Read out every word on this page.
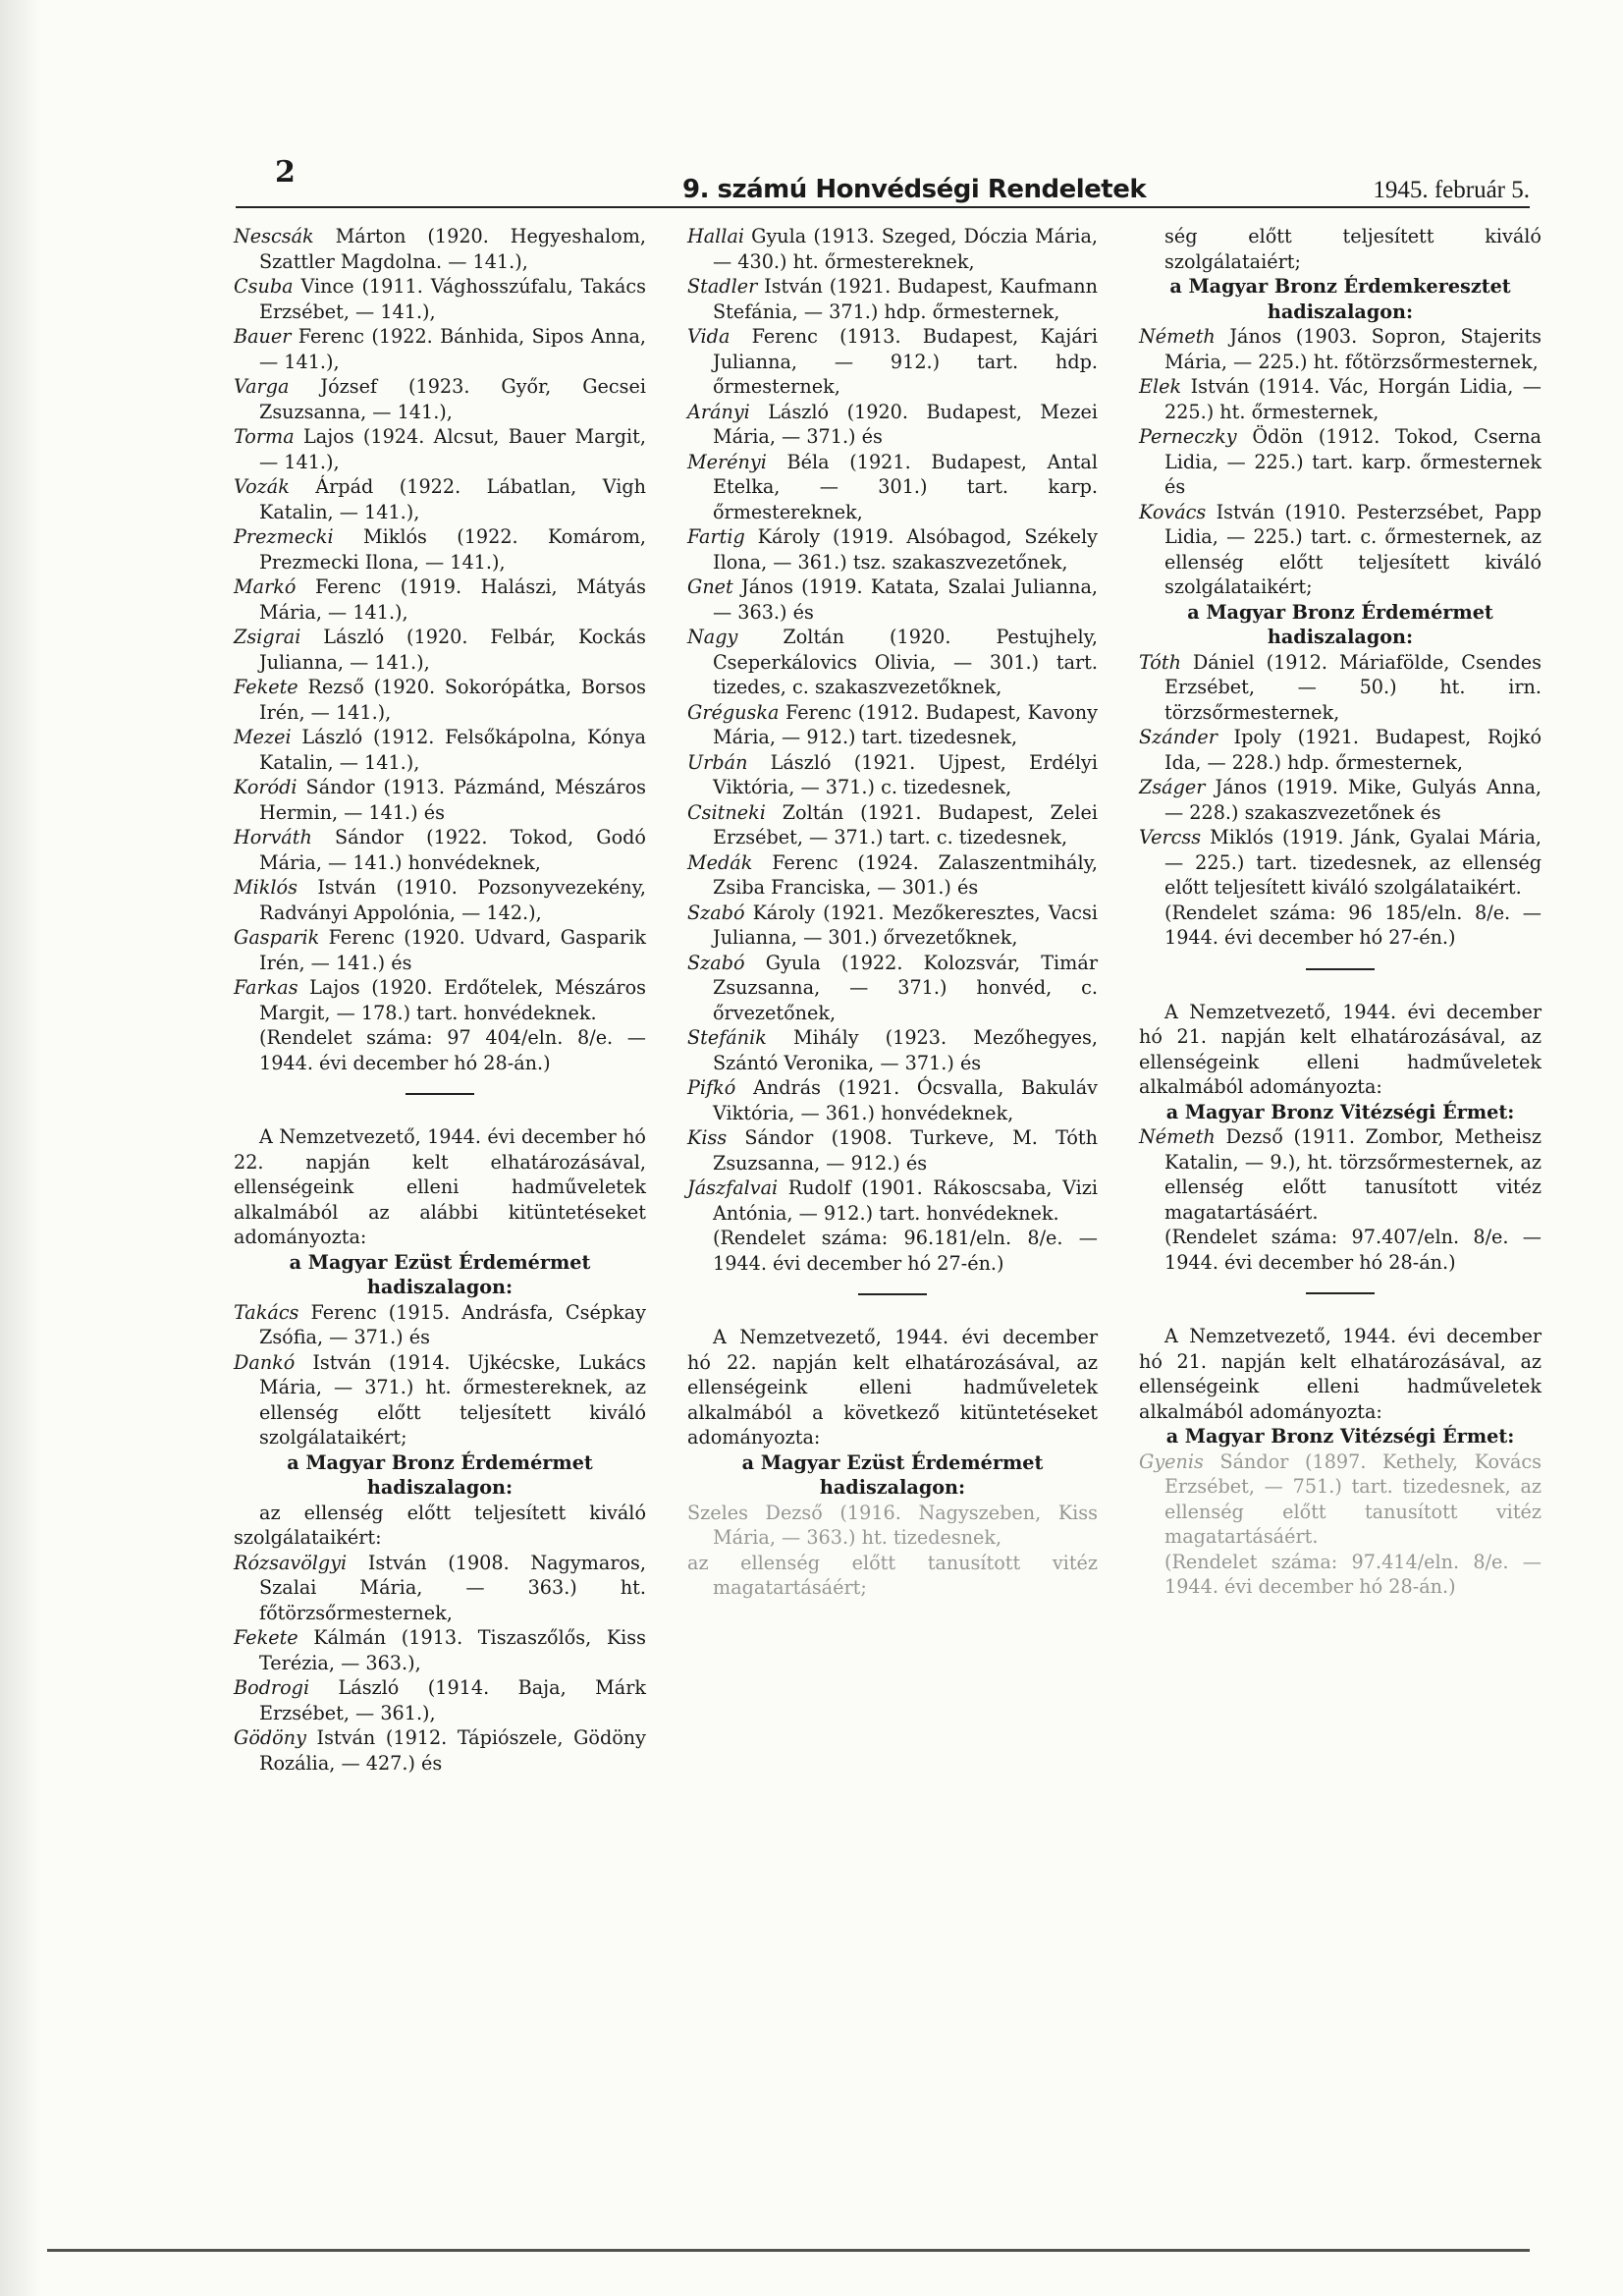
2	9. számú Honvédségi Rendeletek	1945. február 5.

Nescsák Márton (1920. Hegyeshalom, Szattler Magdolna. — 141.),

Csuba Vince (1911. Vághosszúfalu, Takács Erzsébet, — 141.),

Bauer Ferenc (1922. Bánhida, Sipos Anna, — 141.),

Varga József (1923. Győr, Gecsei Zsuzsanna, — 141.),

Torma Lajos (1924. Alcsut, Bauer Margit, — 141.),

Vozák Árpád (1922. Lábatlan, Vigh Katalin, — 141.),

Prezmecki Miklós (1922. Komárom, Prezmecki Ilona, — 141.),

Markó Ferenc (1919. Halászi, Mátyás Mária, — 141.),

Zsigrai László (1920. Felbár, Kockás Julianna, — 141.),

Fekete Rezső (1920. Sokorópátka, Borsos Irén, — 141.),

Mezei László (1912. Felsőkápolna, Kónya Katalin, — 141.),

Koródi Sándor (1913. Pázmánd, Mészáros Hermin, — 141.) és

Horváth Sándor (1922. Tokod, Godó Mária, — 141.) honvédeknek,

Miklós István (1910. Pozsonyvezekény, Radványi Appolónia, — 142.),

Gasparik Ferenc (1920. Udvard, Gasparik Irén, — 141.) és

Farkas Lajos (1920. Erdőtelek, Mészáros Margit, — 178.) tart. honvédeknek.

(Rendelet száma: 97 404/eln. 8/e. — 1944. évi december hó 28-án.)

A Nemzetvezető, 1944. évi december hó 22. napján kelt elhatározásával, ellenségeink elleni hadműveletek alkalmából az alábbi kitüntetéseket adományozta:

a Magyar Ezüst Érdemérmet

hadiszalagon:

Takács Ferenc (1915. Andrásfa, Csépkay Zsófia, — 371.) és

Dankó István (1914. Ujkécske, Lukács Mária, — 371.) ht. őrmestereknek, az ellenség előtt teljesített kiváló szolgálataikért;

a Magyar Bronz Érdemérmet

hadiszalagon:

az ellenség előtt teljesített kiváló szolgálataikért:

Rózsavölgyi István (1908. Nagymaros, Szalai Mária, — 363.) ht. főtörzsőrmesternek,

Fekete Kálmán (1913. Tiszaszőlős, Kiss Terézia, — 363.),

Bodrogi László (1914. Baja, Márk Erzsébet, — 361.),

Gödöny István (1912. Tápiószele, Gödöny Rozália, — 427.) és

Hallai Gyula (1913. Szeged, Dóczia Mária, — 430.) ht. őrmestereknek,

Stadler István (1921. Budapest, Kaufmann Stefánia, — 371.) hdp. őrmesternek,

Vida Ferenc (1913. Budapest, Kajári Julianna, — 912.) tart. hdp. őrmesternek,

Arányi László (1920. Budapest, Mezei Mária, — 371.) és

Merényi Béla (1921. Budapest, Antal Etelka, — 301.) tart. karp. őrmestereknek,

Fartig Károly (1919. Alsóbagod, Székely Ilona, — 361.) tsz. szakaszvezetőnek,

Gnet János (1919. Katata, Szalai Julianna, — 363.) és

Nagy Zoltán (1920. Pestujhely, Cseperkálovics Olivia, — 301.) tart. tizedes, c. szakaszvezetőknek,

Gréguska Ferenc (1912. Budapest, Kavony Mária, — 912.) tart. tizedesnek,

Urbán László (1921. Ujpest, Erdélyi Viktória, — 371.) c. tizedesnek,

Csitneki Zoltán (1921. Budapest, Zelei Erzsébet, — 371.) tart. c. tizedesnek,

Medák Ferenc (1924. Zalaszentmihály, Zsiba Franciska, — 301.) és

Szabó Károly (1921. Mezőkeresztes, Vacsi Julianna, — 301.) őrvezetőknek,

Szabó Gyula (1922. Kolozsvár, Timár Zsuzsanna, — 371.) honvéd, c. őrvezetőnek,

Stefánik Mihály (1923. Mezőhegyes, Szántó Veronika, — 371.) és

Pifkó András (1921. Ócsvalla, Bakuláv Viktória, — 361.) honvédeknek,

Kiss Sándor (1908. Turkeve, M. Tóth Zsuzsanna, — 912.) és

Jászfalvai Rudolf (1901. Rákoscsaba, Vizi Antónia, — 912.) tart. honvédeknek.

(Rendelet száma: 96.181/eln. 8/e. — 1944. évi december hó 27-én.)

A Nemzetvezető, 1944. évi december hó 22. napján kelt elhatározásával, az ellenségeink elleni hadműveletek alkalmából a következő kitüntetéseket adományozta:

a Magyar Ezüst Érdemérmet

hadiszalagon:

Szeles Dezső (1916. Nagyszeben, Kiss Mária, — 363.) ht. tizedesnek,

az ellenség előtt tanusított vitéz magatartásáért;

ség előtt teljesített kiváló szolgálataiért;

a Magyar Bronz Érdemkeresztet

hadiszalagon:

Németh János (1903. Sopron, Stajerits Mária, — 225.) ht. főtörzsőrmesternek,

Elek István (1914. Vác, Horgán Lidia, — 225.) ht. őrmesternek,

Perneczky Ödön (1912. Tokod, Cserna Lidia, — 225.) tart. karp. őrmesternek és

Kovács István (1910. Pesterzsébet, Papp Lidia, — 225.) tart. c. őrmesternek, az ellenség előtt teljesített kiváló szolgálataikért;

a Magyar Bronz Érdemérmet

hadiszalagon:

Tóth Dániel (1912. Máriafölde, Csendes Erzsébet, — 50.) ht. irn. törzsőrmesternek,

Szánder Ipoly (1921. Budapest, Rojkó Ida, — 228.) hdp. őrmesternek,

Zságer János (1919. Mike, Gulyás Anna, — 228.) szakaszvezetőnek és

Vercss Miklós (1919. Jánk, Gyalai Mária, — 225.) tart. tizedesnek, az ellenség előtt teljesített kiváló szolgálataikért.

(Rendelet száma: 96 185/eln. 8/e. — 1944. évi december hó 27-én.)

A Nemzetvezető, 1944. évi december hó 21. napján kelt elhatározásával, az ellenségeink elleni hadműveletek alkalmából adományozta:

a Magyar Bronz Vitézségi Érmet:

Németh Dezső (1911. Zombor, Metheisz Katalin, — 9.), ht. törzsőrmesternek, az ellenség előtt tanusított vitéz magatartásáért.

(Rendelet száma: 97.407/eln. 8/e. — 1944. évi december hó 28-án.)

A Nemzetvezető, 1944. évi december hó 21. napján kelt elhatározásával, az ellenségeink elleni hadműveletek alkalmából adományozta:

a Magyar Bronz Vitézségi Érmet:

Gyenis Sándor (1897. Kethely, Kovács Erzsébet, — 751.) tart. tizedesnek, az ellenség előtt tanusított vitéz magatartásáért.

(Rendelet száma: 97.414/eln. 8/e. — 1944. évi december hó 28-án.)
